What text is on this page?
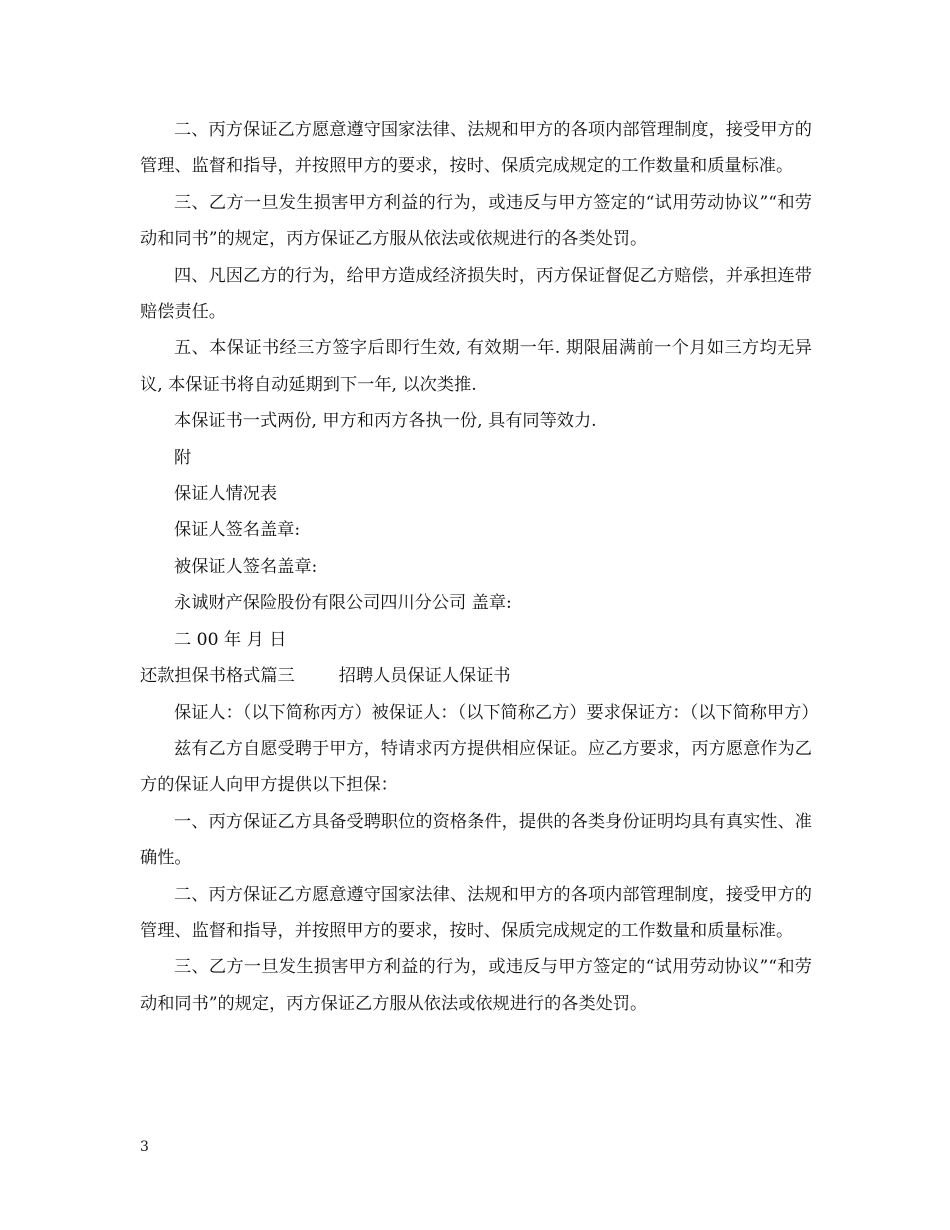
二、丙方保证乙方愿意遵守国家法律、法规和甲方的各项内部管理制度，接受甲方的管理、监督和指导，并按照甲方的要求，按时、保质完成规定的工作数量和质量标准。

三、乙方一旦发生损害甲方利益的行为，或违反与甲方签定的“试用劳动协议”“和劳动和同书”的规定，丙方保证乙方服从依法或依规进行的各类处罚。

四、凡因乙方的行为，给甲方造成经济损失时，丙方保证督促乙方赔偿，并承担连带赔偿责任。

五、本保证书经三方签字后即行生效, 有效期一年. 期限届满前一个月如三方均无异议, 本保证书将自动延期到下一年, 以次类推.

本保证书一式两份, 甲方和丙方各执一份, 具有同等效力.

附

保证人情况表

保证人签名盖章:

被保证人签名盖章:

永诚财产保险股份有限公司四川分公司 盖章:

二 00 年 月 日

还款担保书格式篇三	招聘人员保证人保证书

保证人：（以下简称丙方）被保证人：（以下简称乙方）要求保证方：（以下简称甲方）

兹有乙方自愿受聘于甲方，特请求丙方提供相应保证。应乙方要求，丙方愿意作为乙方的保证人向甲方提供以下担保：

一、丙方保证乙方具备受聘职位的资格条件，提供的各类身份证明均具有真实性、准确性。

二、丙方保证乙方愿意遵守国家法律、法规和甲方的各项内部管理制度，接受甲方的管理、监督和指导，并按照甲方的要求，按时、保质完成规定的工作数量和质量标准。

三、乙方一旦发生损害甲方利益的行为，或违反与甲方签定的“试用劳动协议”“和劳动和同书”的规定，丙方保证乙方服从依法或依规进行的各类处罚。

3
